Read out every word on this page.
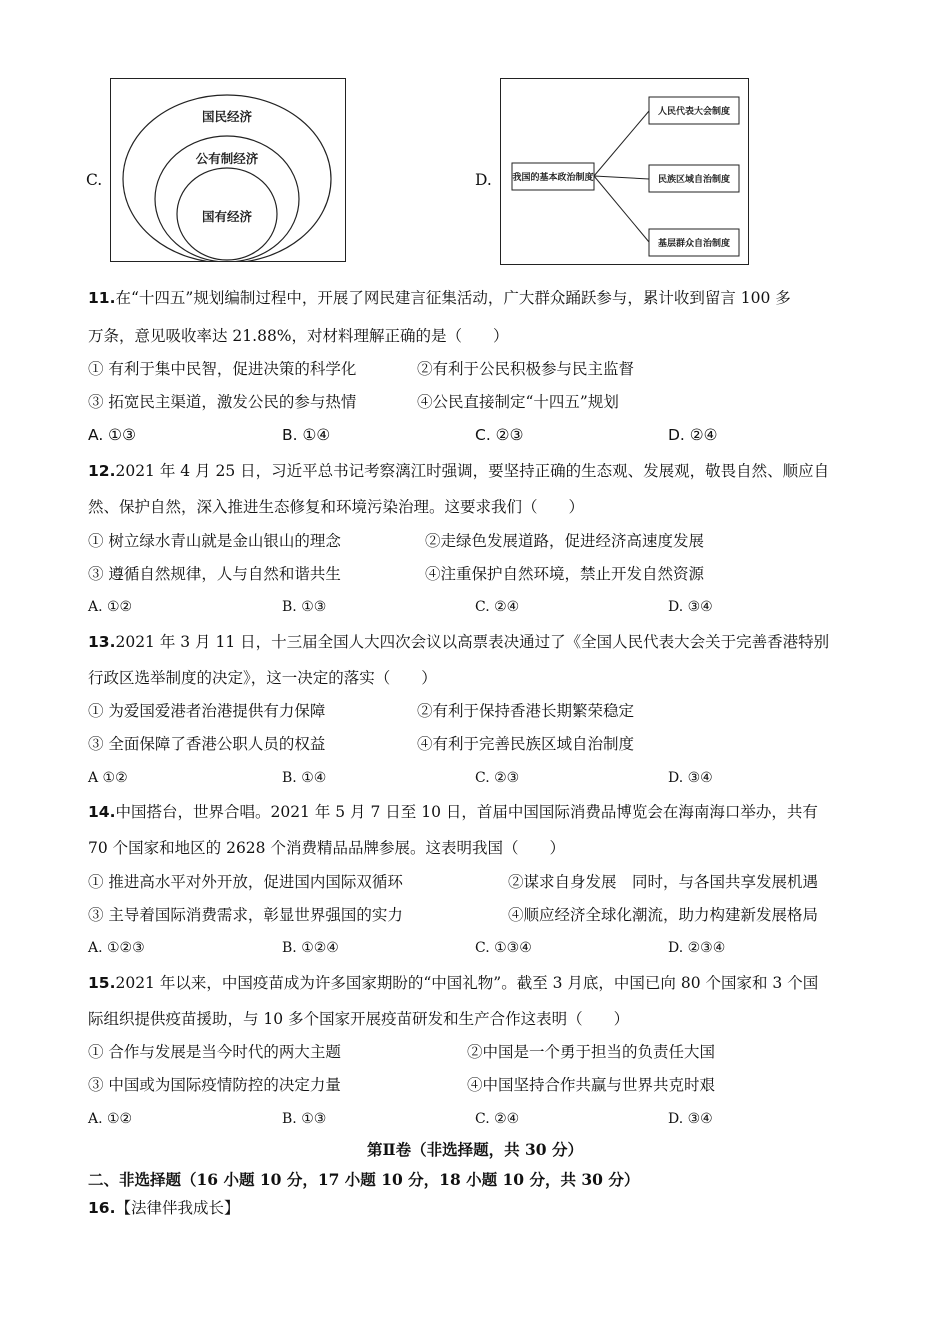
C.
国民经济
公有制经济
国有经济
D. 我国的基本政治制度
人民代表大会制度
民族区域自治制度
基层群众自治制度
11.在“十四五”规划编制过程中，开展了网民建言征集活动，广大群众踊跃参与，累计收到留言 100 多
万条，意见吸收率达 21.88%，对材料理解正确的是（　　）
① 有利于集中民智，促进决策的科学化	②有利于公民积极参与民主监督
③ 拓宽民主渠道，激发公民的参与热情	④公民直接制定“十四五”规划
A. ①③	B. ①④	C. ②③	D. ②④
12.2021 年 4 月 25 日，习近平总书记考察漓江时强调，要坚持正确的生态观、发展观，敬畏自然、顺应自
然、保护自然，深入推进生态修复和环境污染治理。这要求我们（　　）
① 树立绿水青山就是金山银山的理念	②走绿色发展道路，促进经济高速度发展
③ 遵循自然规律，人与自然和谐共生	④注重保护自然环境，禁止开发自然资源
A. ①②	B. ①③	C. ②④	D. ③④
13.2021 年 3 月 11 日，十三届全国人大四次会议以高票表决通过了《全国人民代表大会关于完善香港特别
行政区选举制度的决定》，这一决定的落实（　　）
① 为爱国爱港者治港提供有力保障	②有利于保持香港长期繁荣稳定
③ 全面保障了香港公职人员的权益	④有利于完善民族区域自治制度
A ①②	B. ①④	C. ②③	D. ③④
14.中国搭台，世界合唱。2021 年 5 月 7 日至 10 日，首届中国国际消费品博览会在海南海口举办，共有
70 个国家和地区的 2628 个消费精品品牌参展。这表明我国（　　）
① 推进高水平对外开放，促进国内国际双循环	②谋求自身发展　同时，与各国共享发展机遇
③ 主导着国际消费需求，彰显世界强国的实力	④顺应经济全球化潮流，助力构建新发展格局
A. ①②③	B. ①②④	C. ①③④	D. ②③④
15.2021 年以来，中国疫苗成为许多国家期盼的“中国礼物”。截至 3 月底，中国已向 80 个国家和 3 个国
际组织提供疫苗援助，与 10 多个国家开展疫苗研发和生产合作这表明（　　）
① 合作与发展是当今时代的两大主题	②中国是一个勇于担当的负责任大国
③ 中国或为国际疫情防控的决定力量	④中国坚持合作共赢与世界共克时艰
A. ①②	B. ①③	C. ②④	D. ③④
第Ⅱ卷（非选择题，共 30 分）
二、非选择题（16 小题 10 分，17 小题 10 分，18 小题 10 分，共 30 分）
16.【法律伴我成长】
